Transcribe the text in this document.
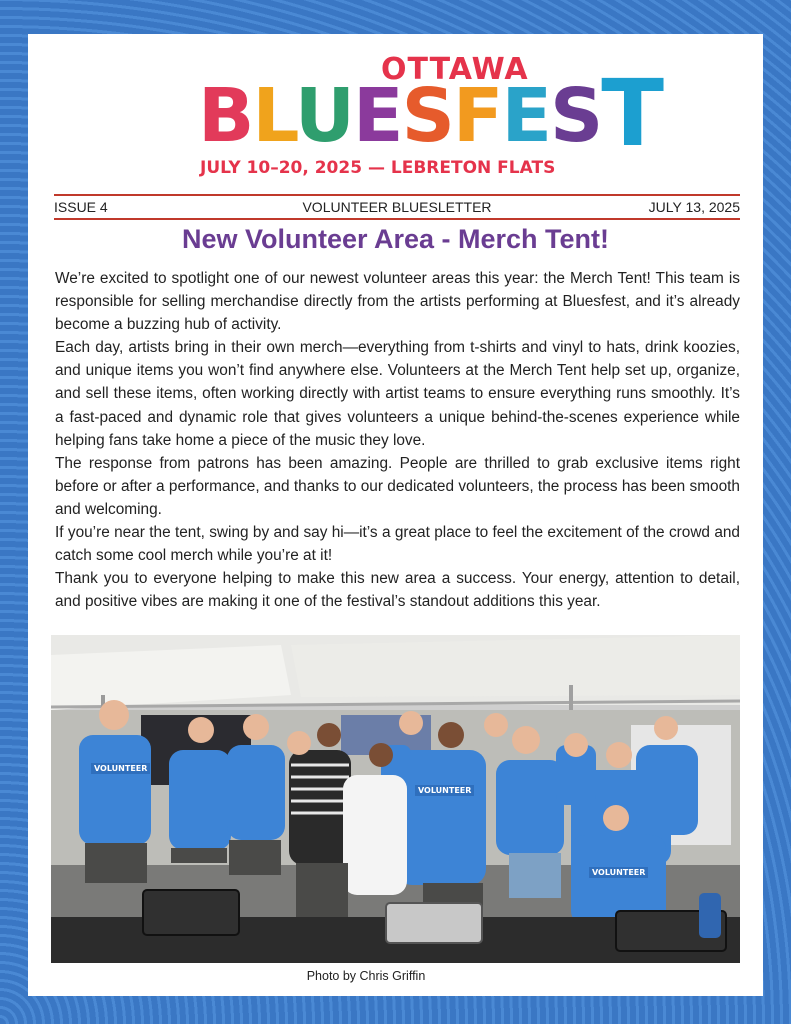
OTTAWA
BLUESFEST
JULY 10–20, 2025 — LEBRETON FLATS
ISSUE 4	VOLUNTEER BLUESLETTER	JULY 13, 2025
New Volunteer Area - Merch Tent!

We’re excited to spotlight one of our newest volunteer areas this year: the Merch Tent! This team is responsible for selling merchandise directly from the artists performing at Bluesfest, and it’s already become a buzzing hub of activity.

Each day, artists bring in their own merch—everything from t-shirts and vinyl to hats, drink koozies, and unique items you won’t find anywhere else. Volunteers at the Merch Tent help set up, organize, and sell these items, often working directly with artist teams to ensure everything runs smoothly. It’s a fast-paced and dynamic role that gives volunteers a unique behind-the-scenes experience while helping fans take home a piece of the music they love.

The response from patrons has been amazing. People are thrilled to grab exclusive items right before or after a performance, and thanks to our dedicated volunteers, the process has been smooth and welcoming.

If you’re near the tent, swing by and say hi—it’s a great place to feel the excitement of the crowd and catch some cool merch while you’re at it!

Thank you to everyone helping to make this new area a success. Your energy, attention to detail, and positive vibes are making it one of the festival’s standout additions this year.

VOLUNTEER
VOLUNTEER
VOLUNTEER
Photo by Chris Griffin
